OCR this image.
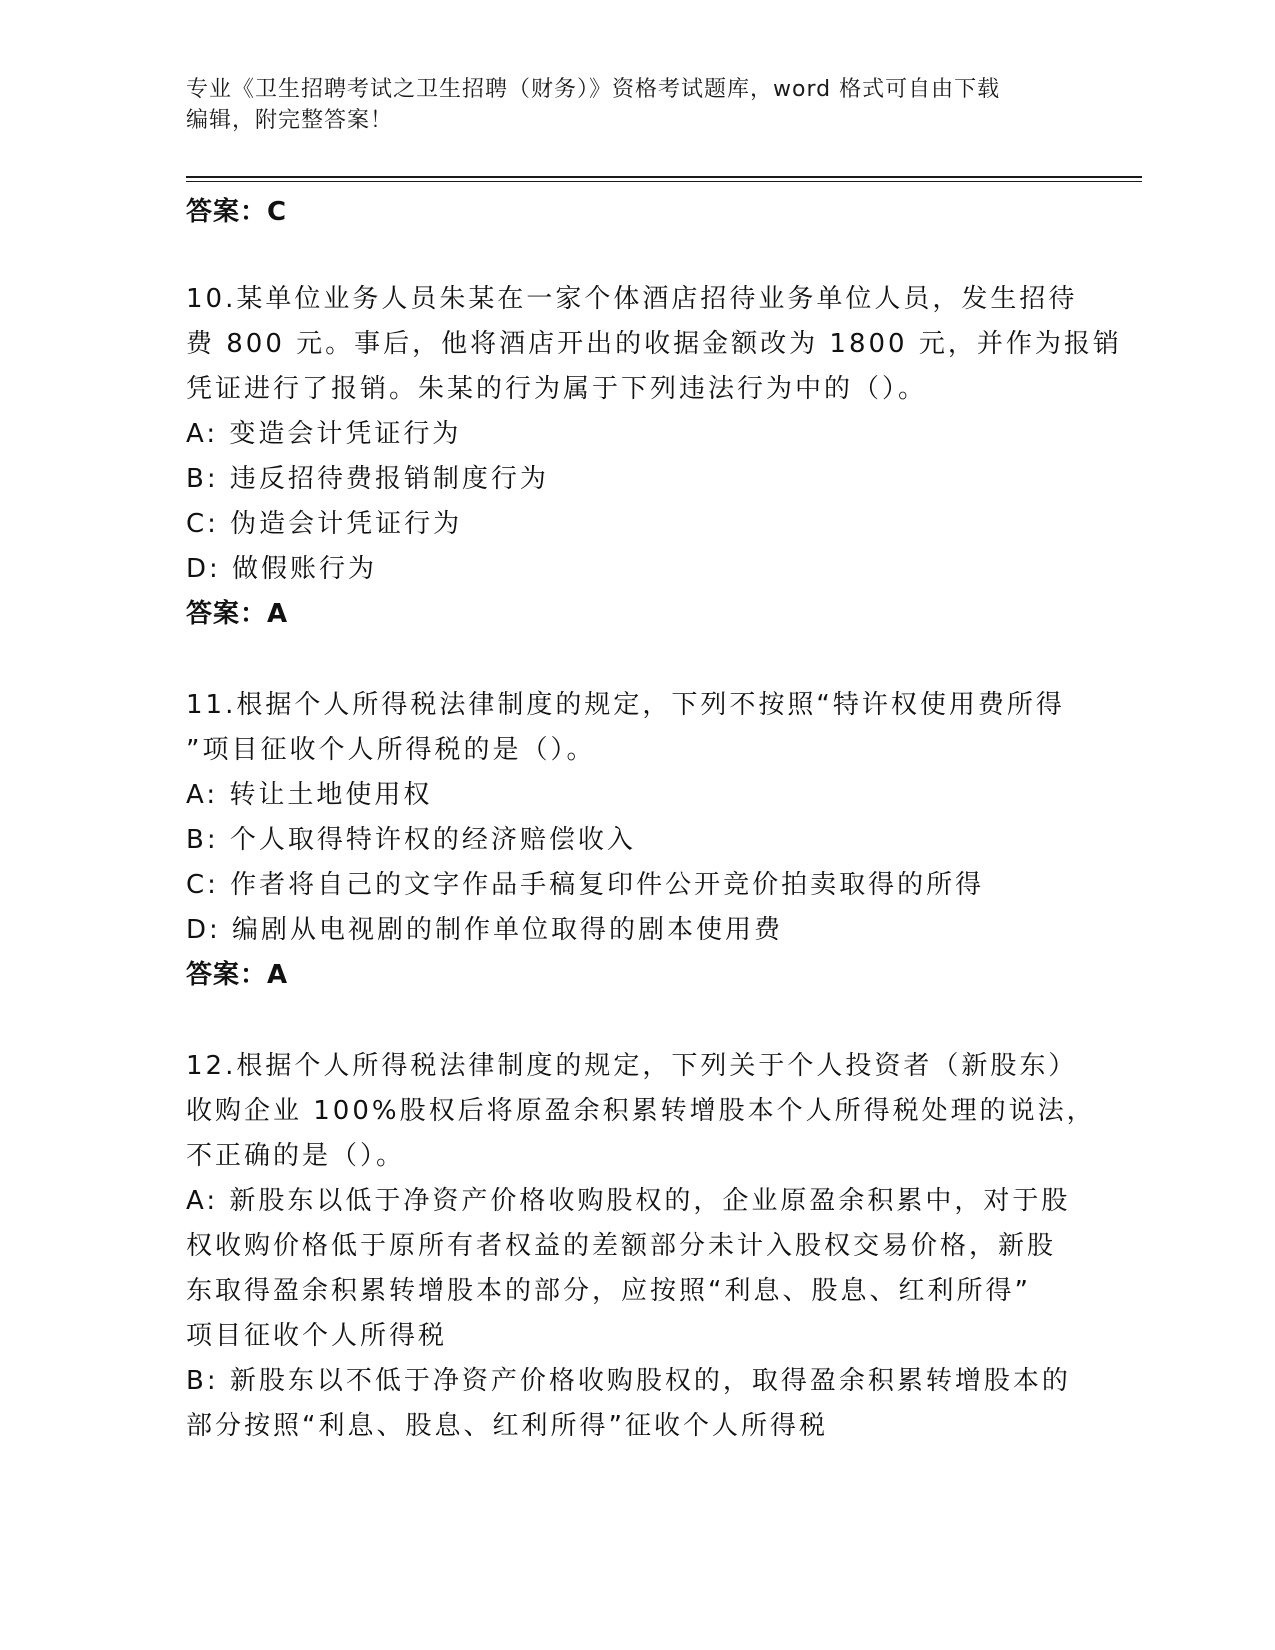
专业《卫生招聘考试之卫生招聘（财务）》资格考试题库，word 格式可自由下载
编辑，附完整答案！
答案：C
10.某单位业务人员朱某在一家个体酒店招待业务单位人员，发生招待
费 800 元。事后，他将酒店开出的收据金额改为 1800 元，并作为报销
凭证进行了报销。朱某的行为属于下列违法行为中的（）。
A: 变造会计凭证行为
B: 违反招待费报销制度行为
C: 伪造会计凭证行为
D: 做假账行为
答案：A
11.根据个人所得税法律制度的规定，下列不按照“特许权使用费所得
”项目征收个人所得税的是（）。
A: 转让土地使用权
B: 个人取得特许权的经济赔偿收入
C: 作者将自己的文字作品手稿复印件公开竞价拍卖取得的所得
D: 编剧从电视剧的制作单位取得的剧本使用费
答案：A
12.根据个人所得税法律制度的规定，下列关于个人投资者（新股东）
收购企业 100%股权后将原盈余积累转增股本个人所得税处理的说法，
不正确的是（）。
A: 新股东以低于净资产价格收购股权的，企业原盈余积累中，对于股
权收购价格低于原所有者权益的差额部分未计入股权交易价格，新股
东取得盈余积累转增股本的部分，应按照“利息、股息、红利所得”
项目征收个人所得税
B: 新股东以不低于净资产价格收购股权的，取得盈余积累转增股本的
部分按照“利息、股息、红利所得”征收个人所得税
